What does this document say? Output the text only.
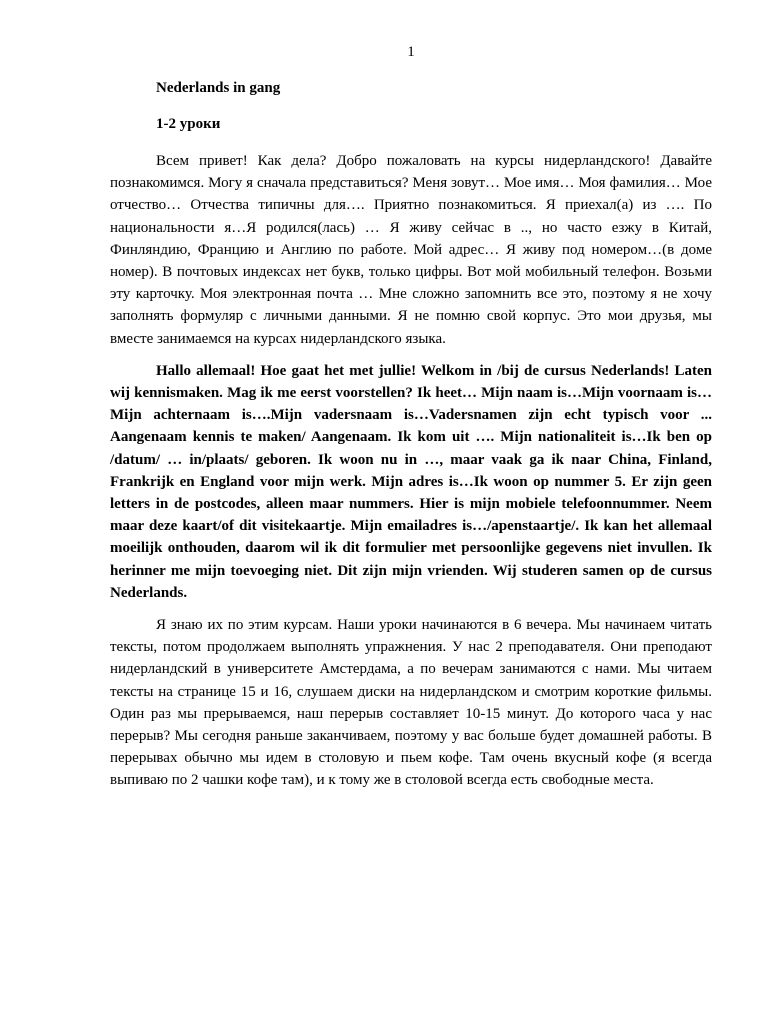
1
Nederlands in gang
1-2 уроки

Всем привет! Как дела? Добро пожаловать на курсы нидерландского! Давайте познакомимся. Могу я сначала представиться? Меня зовут… Мое имя… Моя фамилия… Мое отчество… Отчества типичны для…. Приятно познакомиться. Я приехал(а) из …. По национальности я…Я родился(лась) … Я живу сейчас в .., но часто езжу в Китай, Финляндию, Францию и Англию по работе. Мой адрес… Я живу под номером…(в доме номер). В почтовых индексах нет букв, только цифры. Вот мой мобильный телефон. Возьми эту карточку. Моя электронная почта … Мне сложно запомнить все это, поэтому я не хочу заполнять формуляр с личными данными. Я не помню свой корпус. Это мои друзья, мы вместе занимаемся на курсах нидерландского языка.

Hallo allemaal! Hoe gaat het met jullie! Welkom in /bij de cursus Nederlands! Laten wij kennismaken. Mag ik me eerst voorstellen? Ik heet… Mijn naam is…Mijn voornaam is…Mijn achternaam is….Mijn vadersnaam is…Vadersnamen zijn echt typisch voor ... Aangenaam kennis te maken/ Aangenaam. Ik kom uit …. Mijn nationaliteit is…Ik ben op /datum/ … in/plaats/ geboren. Ik woon nu in …, maar vaak ga ik naar China, Finland, Frankrijk en England voor mijn werk. Mijn adres is…Ik woon op nummer 5. Er zijn geen letters in de postcodes, alleen maar nummers. Hier is mijn mobiele telefoonnummer. Neem maar deze kaart/of dit visitekaartje. Mijn emailadres is…/apenstaartje/. Ik kan het allemaal moeilijk onthouden, daarom wil ik dit formulier met persoonlijke gegevens niet invullen. Ik herinner me mijn toevoeging niet. Dit zijn mijn vrienden. Wij studeren samen op de cursus Nederlands.

Я знаю их по этим курсам. Наши уроки начинаются в 6 вечера. Мы начинаем читать тексты, потом продолжаем выполнять упражнения. У нас 2 преподавателя. Они преподают нидерландский в университете Амстердама, а по вечерам занимаются с нами. Мы читаем тексты на странице 15 и 16, слушаем диски на нидерландском и смотрим короткие фильмы. Один раз мы прерываемся, наш перерыв составляет 10-15 минут. До которого часа у нас перерыв? Мы сегодня раньше заканчиваем, поэтому у вас больше будет домашней работы. В перерывах обычно мы идем в столовую и пьем кофе. Там очень вкусный кофе (я всегда выпиваю по 2 чашки кофе там), и к тому же в столовой всегда есть свободные места.
